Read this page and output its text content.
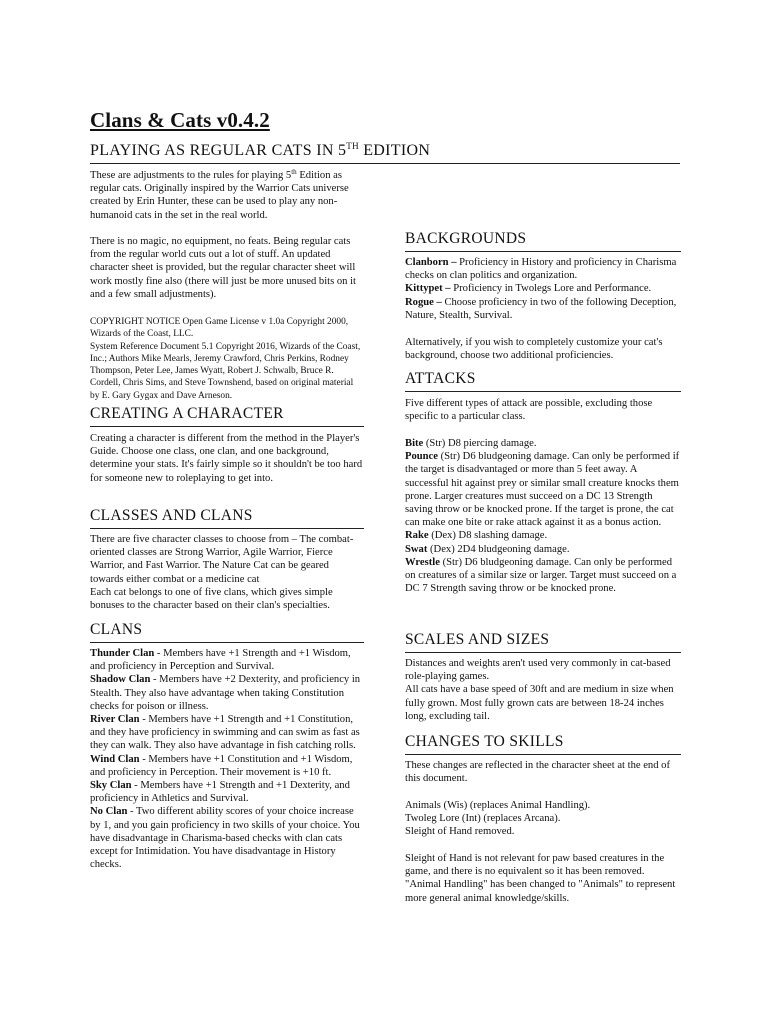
Clans & Cats v0.4.2
PLAYING AS REGULAR CATS IN 5TH EDITION

These are adjustments to the rules for playing 5th Edition as regular cats. Originally inspired by the Warrior Cats universe created by Erin Hunter, these can be used to play any non-humanoid cats in the set in the real world.

There is no magic, no equipment, no feats. Being regular cats from the regular world cuts out a lot of stuff. An updated character sheet is provided, but the regular character sheet will work mostly fine also (there will just be more unused bits on it and a few small adjustments).

COPYRIGHT NOTICE Open Game License v 1.0a Copyright 2000, Wizards of the Coast, LLC.

System Reference Document 5.1 Copyright 2016, Wizards of the Coast, Inc.; Authors Mike Mearls, Jeremy Crawford, Chris Perkins, Rodney Thompson, Peter Lee, James Wyatt, Robert J. Schwalb, Bruce R. Cordell, Chris Sims, and Steve Townshend, based on original material by E. Gary Gygax and Dave Arneson.

CREATING A CHARACTER

Creating a character is different from the method in the Player's Guide. Choose one class, one clan, and one background, determine your stats. It's fairly simple so it shouldn't be too hard for someone new to roleplaying to get into.

CLASSES AND CLANS

There are five character classes to choose from – The combat-oriented classes are Strong Warrior, Agile Warrior, Fierce Warrior, and Fast Warrior. The Nature Cat can be geared towards either combat or a medicine cat

Each cat belongs to one of five clans, which gives simple bonuses to the character based on their clan's specialties.

CLANS

Thunder Clan - Members have +1 Strength and +1 Wisdom, and proficiency in Perception and Survival.

Shadow Clan - Members have +2 Dexterity, and proficiency in Stealth. They also have advantage when taking Constitution checks for poison or illness.

River Clan - Members have +1 Strength and +1 Constitution, and they have proficiency in swimming and can swim as fast as they can walk. They also have advantage in fish catching rolls.

Wind Clan - Members have +1 Constitution and +1 Wisdom, and proficiency in Perception. Their movement is +10 ft.

Sky Clan - Members have +1 Strength and +1 Dexterity, and proficiency in Athletics and Survival.

No Clan - Two different ability scores of your choice increase by 1, and you gain proficiency in two skills of your choice. You have disadvantage in Charisma-based checks with clan cats except for Intimidation. You have disadvantage in History checks.

BACKGROUNDS

Clanborn – Proficiency in History and proficiency in Charisma checks on clan politics and organization.

Kittypet – Proficiency in Twolegs Lore and Performance.

Rogue – Choose proficiency in two of the following Deception, Nature, Stealth, Survival.

Alternatively, if you wish to completely customize your cat's background, choose two additional proficiencies.

ATTACKS

Five different types of attack are possible, excluding those specific to a particular class.

Bite (Str) D8 piercing damage.

Pounce (Str) D6 bludgeoning damage. Can only be performed if the target is disadvantaged or more than 5 feet away. A successful hit against prey or similar small creature knocks them prone. Larger creatures must succeed on a DC 13 Strength saving throw or be knocked prone. If the target is prone, the cat can make one bite or rake attack against it as a bonus action.

Rake (Dex) D8 slashing damage.

Swat (Dex) 2D4 bludgeoning damage.

Wrestle (Str) D6 bludgeoning damage. Can only be performed on creatures of a similar size or larger. Target must succeed on a DC 7 Strength saving throw or be knocked prone.

SCALES AND SIZES

Distances and weights aren't used very commonly in cat-based role-playing games.

All cats have a base speed of 30ft and are medium in size when fully grown. Most fully grown cats are between 18-24 inches long, excluding tail.

CHANGES TO SKILLS

These changes are reflected in the character sheet at the end of this document.

Animals (Wis) (replaces Animal Handling).

Twoleg Lore (Int) (replaces Arcana).

Sleight of Hand removed.

Sleight of Hand is not relevant for paw based creatures in the game, and there is no equivalent so it has been removed. "Animal Handling" has been changed to "Animals" to represent more general animal knowledge/skills.
